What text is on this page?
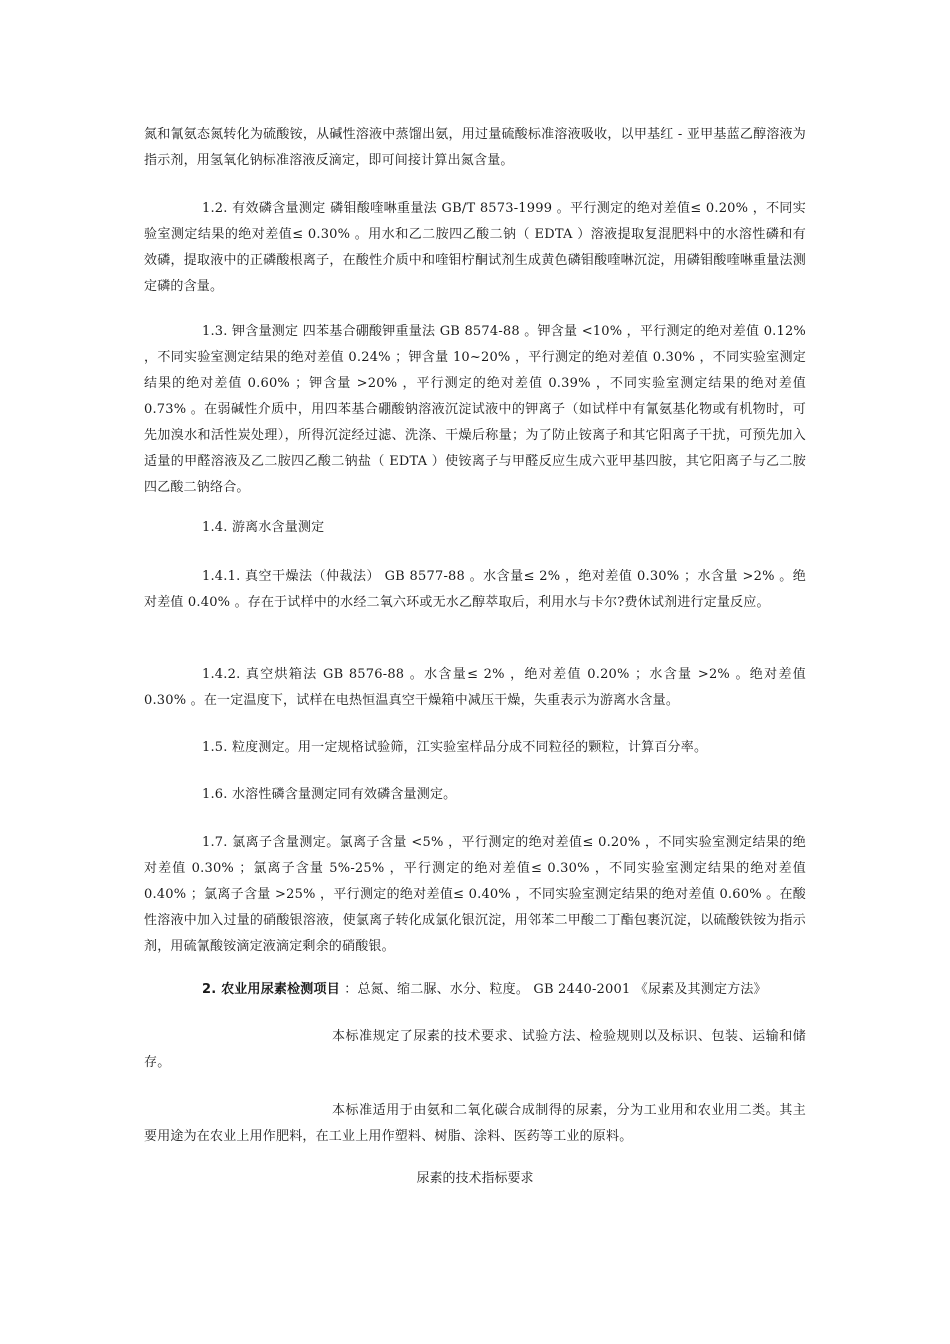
氮和氰氨态氮转化为硫酸铵，从碱性溶液中蒸馏出氨，用过量硫酸标准溶液吸收，以甲基红 - 亚甲基蓝乙醇溶液为指示剂，用氢氧化钠标准溶液反滴定，即可间接计算出氮含量。

1.2. 有效磷含量测定 磷钼酸喹啉重量法 GB/T 8573-1999 。平行测定的绝对差值≤ 0.20% ，不同实验室测定结果的绝对差值≤ 0.30% 。用水和乙二胺四乙酸二钠（ EDTA ）溶液提取复混肥料中的水溶性磷和有效磷，提取液中的正磷酸根离子，在酸性介质中和喹钼柠酮试剂生成黄色磷钼酸喹啉沉淀，用磷钼酸喹啉重量法测定磷的含量。

1.3. 钾含量测定 四苯基合硼酸钾重量法 GB 8574-88 。钾含量 <10% ，平行测定的绝对差值 0.12% ，不同实验室测定结果的绝对差值 0.24% ；钾含量 10~20% ，平行测定的绝对差值 0.30% ，不同实验室测定结果的绝对差值 0.60% ；钾含量 >20% ，平行测定的绝对差值 0.39% ，不同实验室测定结果的绝对差值 0.73% 。在弱碱性介质中，用四苯基合硼酸钠溶液沉淀试液中的钾离子（如试样中有氰氨基化物或有机物时，可先加溴水和活性炭处理），所得沉淀经过滤、洗涤、干燥后称量；为了防止铵离子和其它阳离子干扰，可预先加入适量的甲醛溶液及乙二胺四乙酸二钠盐（ EDTA ）使铵离子与甲醛反应生成六亚甲基四胺，其它阳离子与乙二胺四乙酸二钠络合。

1.4. 游离水含量测定

1.4.1. 真空干燥法（仲裁法） GB 8577-88 。水含量≤ 2% ，绝对差值 0.30% ；水含量 >2% 。绝对差值 0.40% 。存在于试样中的水经二氧六环或无水乙醇萃取后，利用水与卡尔?费休试剂进行定量反应。

1.4.2. 真空烘箱法 GB 8576-88 。水含量≤ 2% ，绝对差值 0.20% ；水含量 >2% 。绝对差值 0.30% 。在一定温度下，试样在电热恒温真空干燥箱中减压干燥，失重表示为游离水含量。

1.5. 粒度测定。用一定规格试验筛，江实验室样品分成不同粒径的颗粒，计算百分率。

1.6. 水溶性磷含量测定同有效磷含量测定。

1.7. 氯离子含量测定。氯离子含量 <5% ，平行测定的绝对差值≤ 0.20% ，不同实验室测定结果的绝对差值 0.30% ；氯离子含量 5%-25% ，平行测定的绝对差值≤ 0.30% ，不同实验室测定结果的绝对差值 0.40% ；氯离子含量 >25% ，平行测定的绝对差值≤ 0.40% ，不同实验室测定结果的绝对差值 0.60% 。在酸性溶液中加入过量的硝酸银溶液，使氯离子转化成氯化银沉淀，用邻苯二甲酸二丁酯包裹沉淀，以硫酸铁铵为指示剂，用硫氰酸铵滴定液滴定剩余的硝酸银。

2. 农业用尿素检测项目 ：总氮、缩二脲、水分、粒度。 GB 2440-2001 《尿素及其测定方法》

本标准规定了尿素的技术要求、试验方法、检验规则以及标识、包装、运输和储存。

本标准适用于由氨和二氧化碳合成制得的尿素，分为工业用和农业用二类。其主要用途为在农业上用作肥料，在工业上用作塑料、树脂、涂料、医药等工业的原料。

尿素的技术指标要求
